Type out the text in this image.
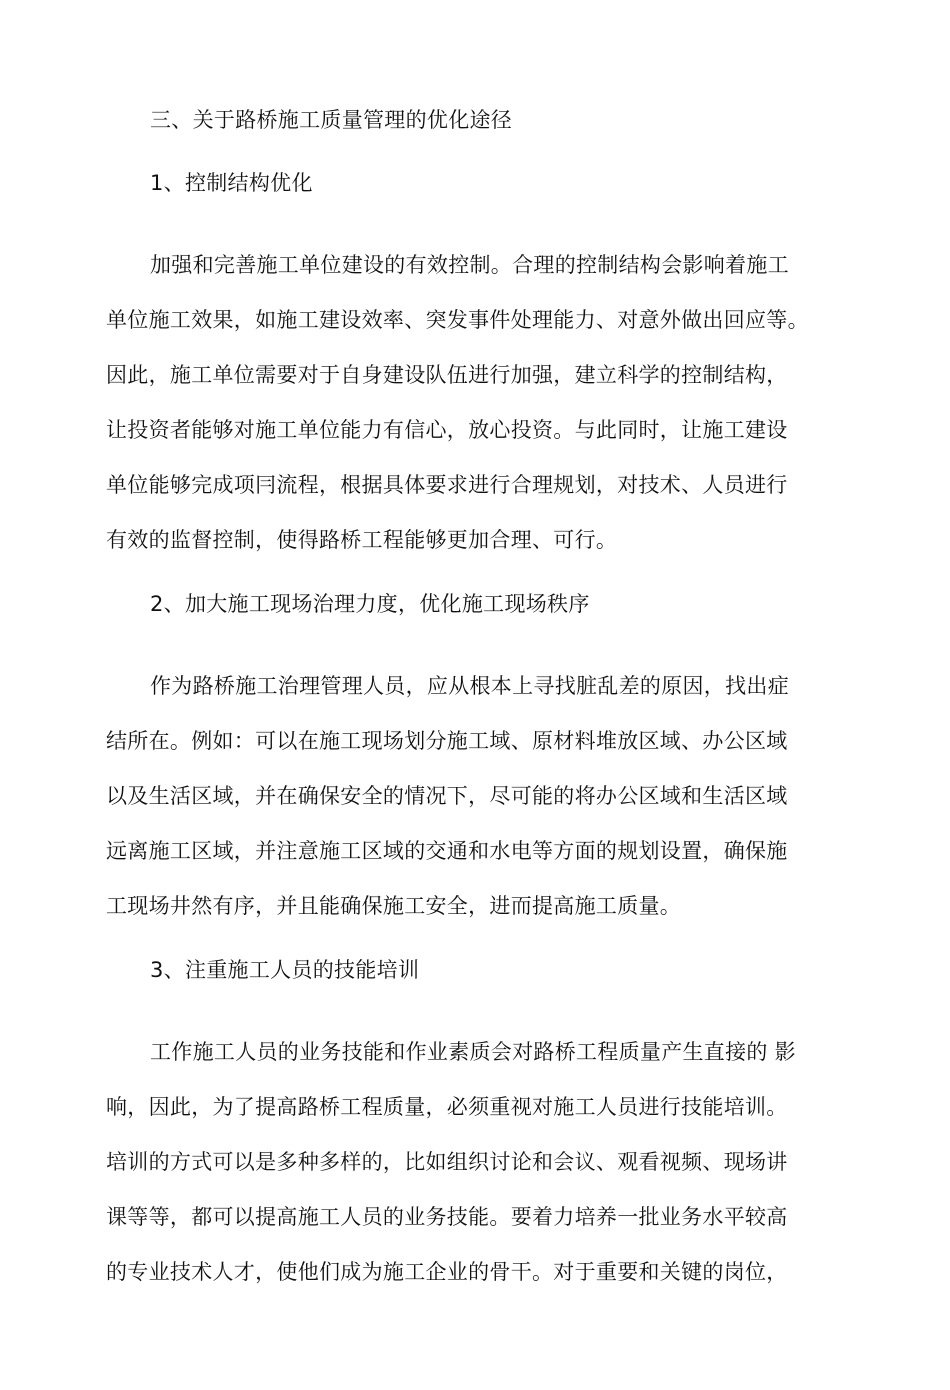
三、关于路桥施工质量管理的优化途径
1、控制结构优化
加强和完善施工单位建设的有效控制。合理的控制结构会影响着施工
单位施工效果，如施工建设效率、突发事件处理能力、对意外做出回应等。
因此，施工单位需要对于自身建设队伍进行加强，建立科学的控制结构，
让投资者能够对施工单位能力有信心，放心投资。与此同时，让施工建设
单位能够完成项冃流程，根据具体要求进行合理规划，对技术、人员进行
有效的监督控制，使得路桥工程能够更加合理、可行。
2、加大施工现场治理力度，优化施工现场秩序
作为路桥施工治理管理人员，应从根本上寻找脏乱差的原因，找出症
结所在。例如：可以在施工现场划分施工域、原材料堆放区域、办公区域
以及生活区域，并在确保安全的情况下，尽可能的将办公区域和生活区域
远离施工区域，并注意施工区域的交通和水电等方面的规划设置，确保施
工现场井然有序，并且能确保施工安全，进而提高施工质量。
3、注重施工人员的技能培训
工作施工人员的业务技能和作业素质会对路桥工程质量产生直接的 影
响，因此，为了提高路桥工程质量，必须重视对施工人员进行技能培训。
培训的方式可以是多种多样的，比如组织讨论和会议、观看视频、现场讲
课等等，都可以提高施工人员的业务技能。要着力培养一批业务水平较高
的专业技术人才，使他们成为施工企业的骨干。对于重要和关键的岗位，
